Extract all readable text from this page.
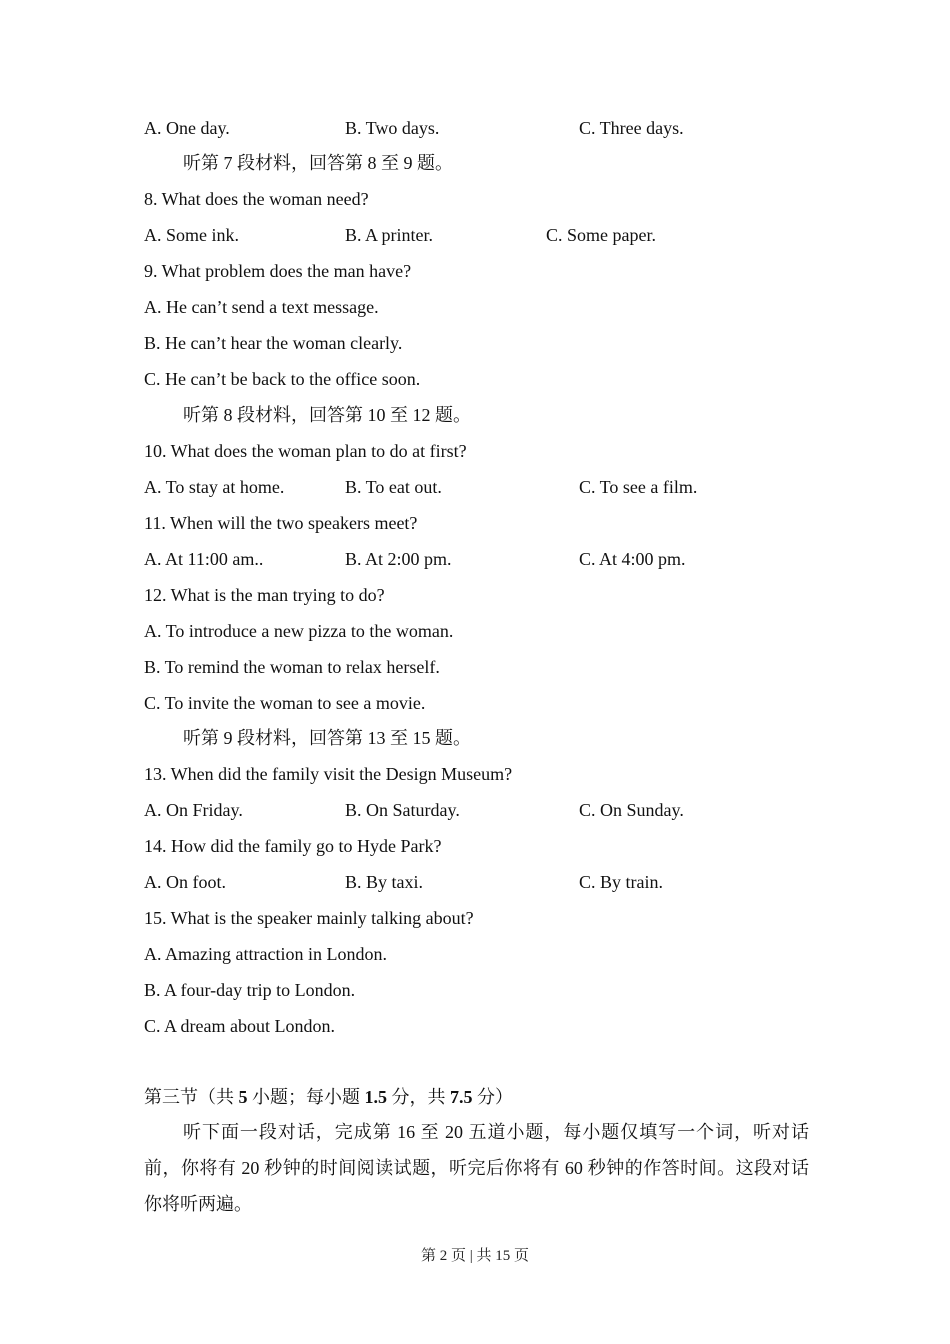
A. One day.	B. Two days.	C. Three days.
听第 7 段材料，回答第 8 至 9 题。
8. What does the woman need?
A. Some ink.	B. A printer.	C. Some paper.
9. What problem does the man have?
A. He can’t send a text message.
B. He can’t hear the woman clearly.
C. He can’t be back to the office soon.
听第 8 段材料，回答第 10 至 12 题。
10. What does the woman plan to do at first?
A. To stay at home.	B. To eat out.	C. To see a film.
11. When will the two speakers meet?
A. At 11:00 am..	B. At 2:00 pm.	C. At 4:00 pm.
12. What is the man trying to do?
A. To introduce a new pizza to the woman.
B. To remind the woman to relax herself.
C. To invite the woman to see a movie.
听第 9 段材料，回答第 13 至 15 题。
13. When did the family visit the Design Museum?
A. On Friday.	B. On Saturday.	C. On Sunday.
14. How did the family go to Hyde Park?
A. On foot.	B. By taxi.	C. By train.
15. What is the speaker mainly talking about?
A. Amazing attraction in London.
B. A four-day trip to London.
C. A dream about London.
第三节（共 5 小题；每小题 1.5 分，共 7.5 分）
听下面一段对话，完成第 16 至 20 五道小题，每小题仅填写一个词，听对话前，你将有 20 秒钟的时间阅读试题，听完后你将有 60 秒钟的作答时间。这段对话你将听两遍。
第 2 页 | 共 15 页
